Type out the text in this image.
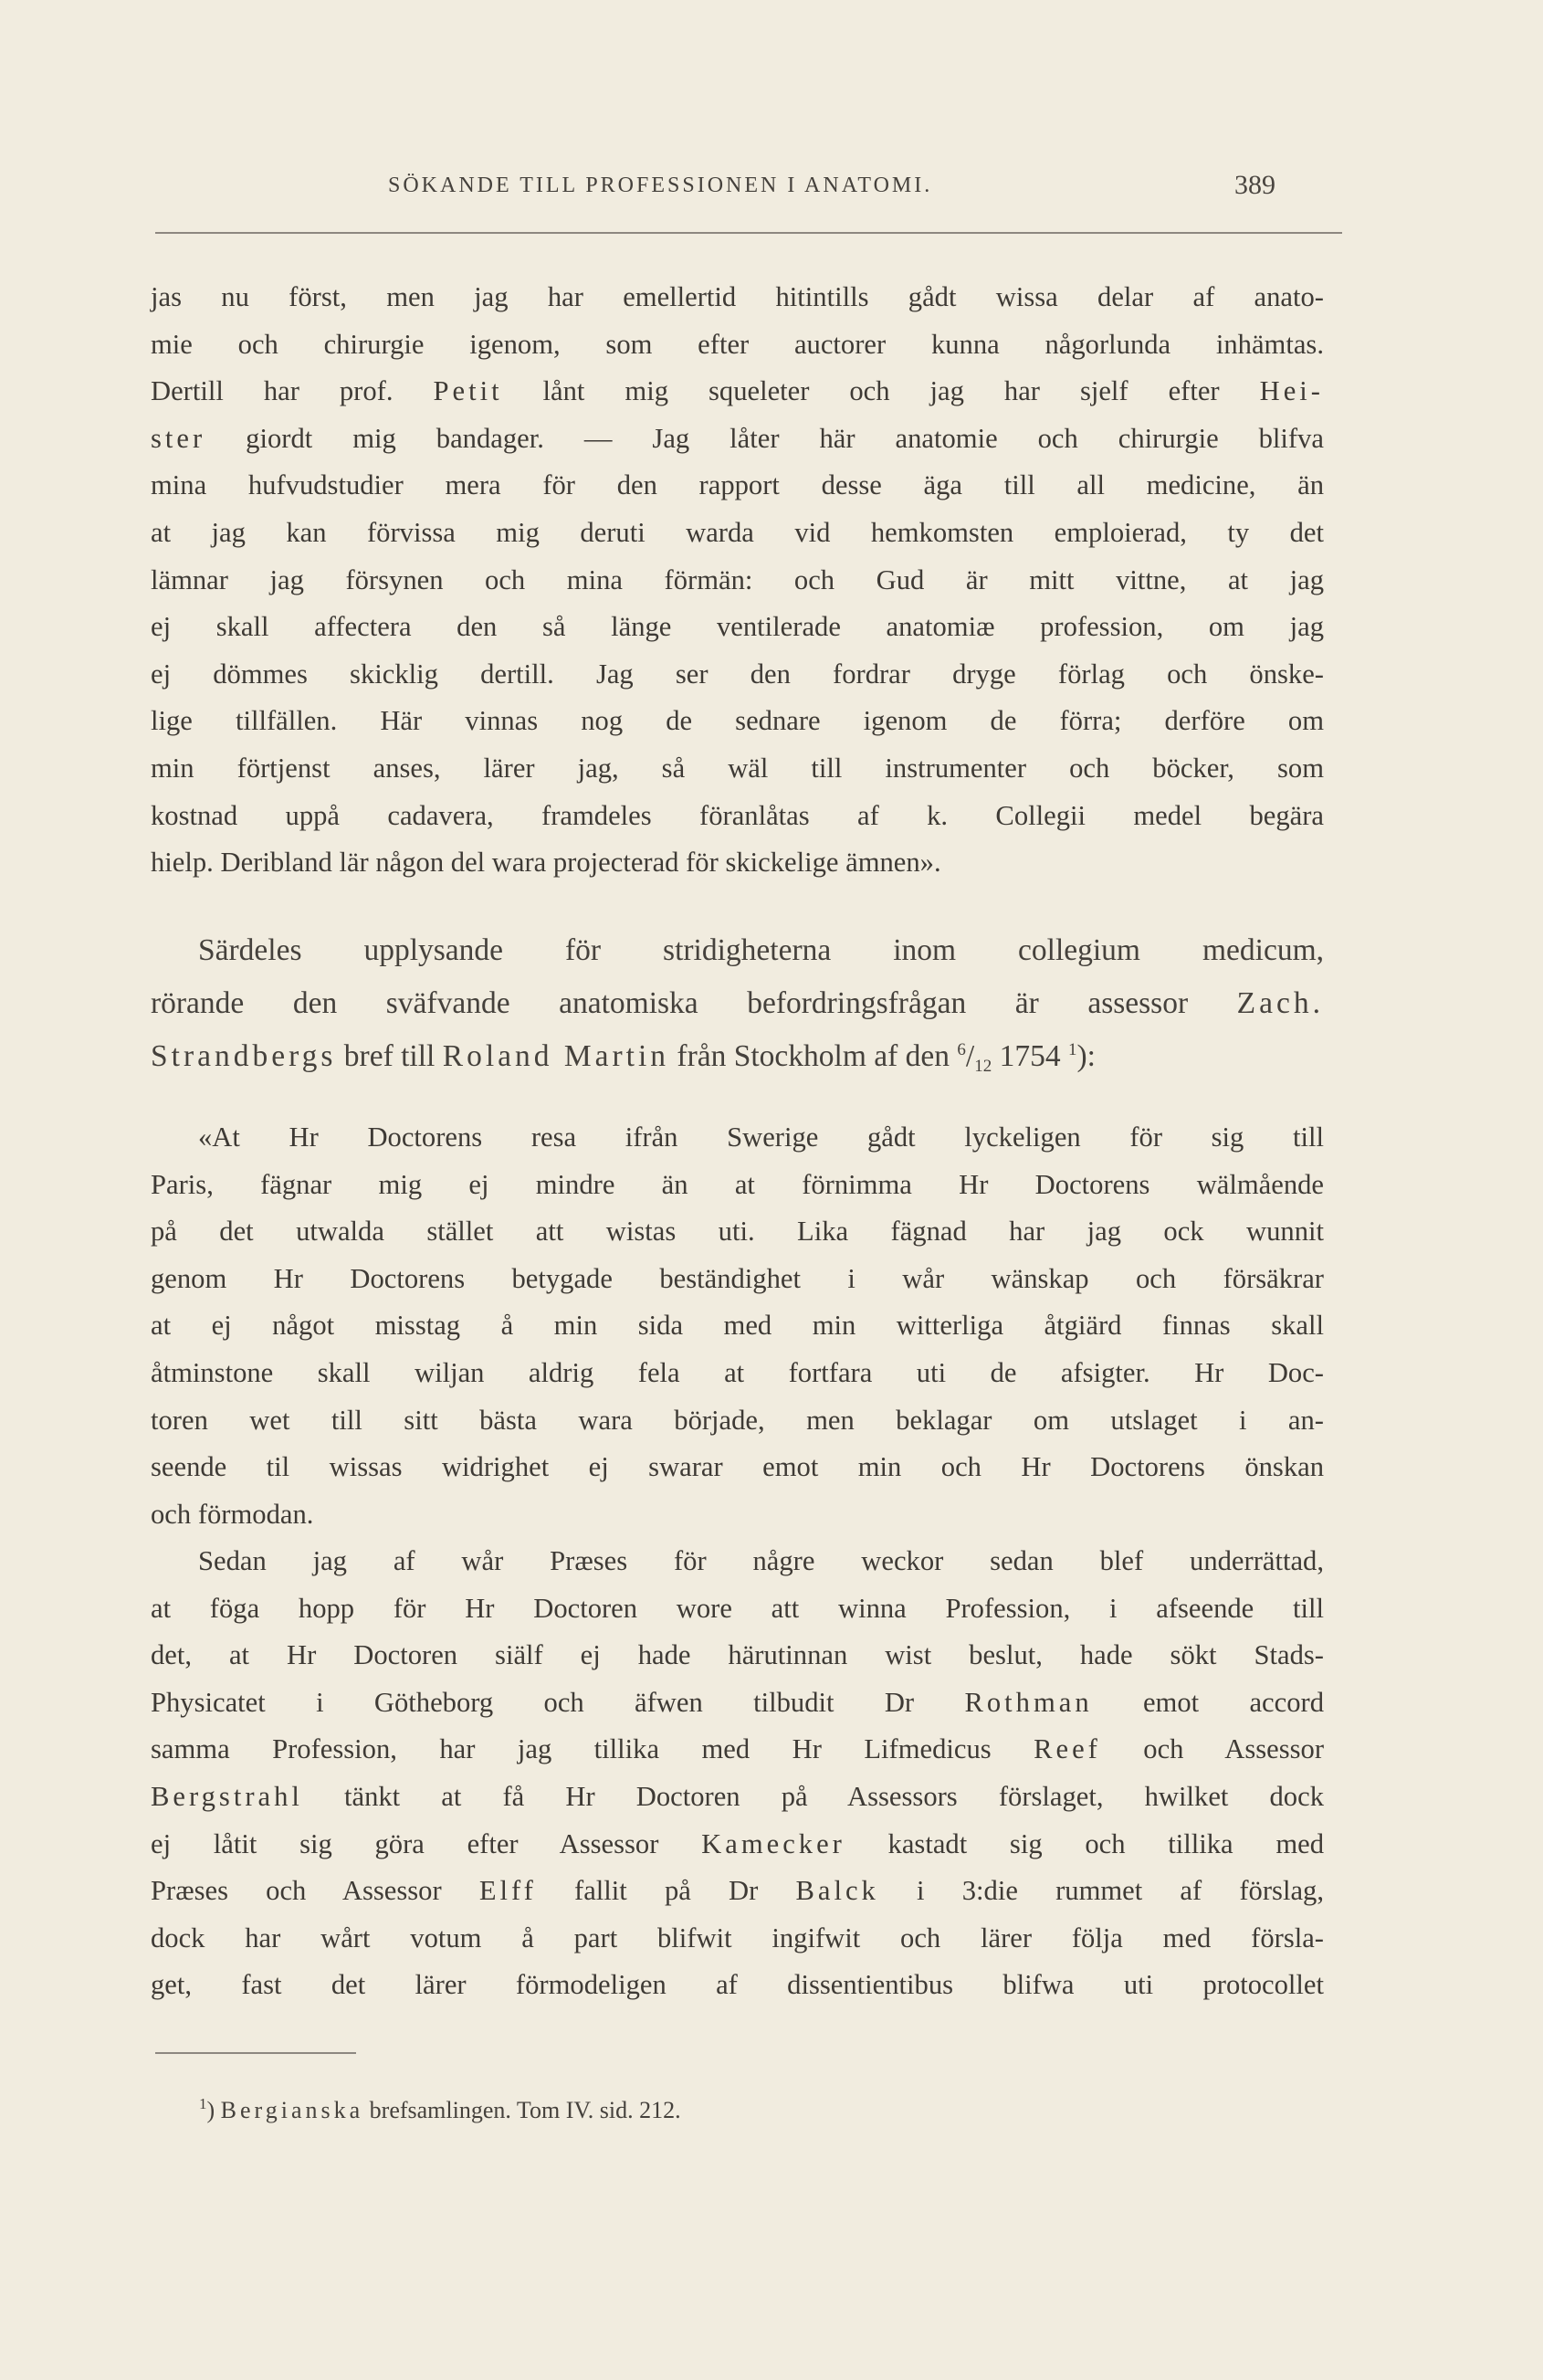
SÖKANDE TILL PROFESSIONEN I ANATOMI.	389
jas nu först, men jag har emellertid hitintills gådt wissa delar af anato-
mie och chirurgie igenom, som efter auctorer kunna någorlunda inhämtas.
Dertill har prof. Petit lånt mig squeleter och jag har sjelf efter Hei-
ster giordt mig bandager. — Jag låter här anatomie och chirurgie blifva
mina hufvudstudier mera för den rapport desse äga till all medicine, än
at jag kan förvissa mig deruti warda vid hemkomsten emploierad, ty det
lämnar jag försynen och mina förmän: och Gud är mitt vittne, at jag
ej skall affectera den så länge ventilerade anatomiæ profession, om jag
ej dömmes skicklig dertill. Jag ser den fordrar dryge förlag och önske-
lige tillfällen. Här vinnas nog de sednare igenom de förra; derföre om
min förtjenst anses, lärer jag, så wäl till instrumenter och böcker, som
kostnad uppå cadavera, framdeles föranlåtas af k. Collegii medel begära
hielp. Deribland lär någon del wara projecterad för skickelige ämnen».
Särdeles upplysande för stridigheterna inom collegium medicum,
rörande den sväfvande anatomiska befordringsfrågan är assessor Zach.
Strandbergs bref till Roland Martin från Stockholm af den $^6/_{12}$ 1754 $^1$):
«At Hr Doctorens resa ifrån Swerige gådt lyckeligen för sig till
Paris, fägnar mig ej mindre än at förnimma Hr Doctorens wälmående
på det utwalda stället att wistas uti. Lika fägnad har jag ock wunnit
genom Hr Doctorens betygade beständighet i wår wänskap och försäkrar
at ej något misstag å min sida med min witterliga åtgiärd finnas skall
åtminstone skall wiljan aldrig fela at fortfara uti de afsigter. Hr Doc-
toren wet till sitt bästa wara började, men beklagar om utslaget i an-
seende til wissas widrighet ej swarar emot min och Hr Doctorens önskan
och förmodan.
Sedan jag af wår Præses för någre weckor sedan blef underrättad,
at föga hopp för Hr Doctoren wore att winna Profession, i afseende till
det, at Hr Doctoren siälf ej hade härutinnan wist beslut, hade sökt Stads-
Physicatet i Götheborg och äfwen tilbudit Dr Rothman emot accord
samma Profession, har jag tillika med Hr Lifmedicus Reef och Assessor
Bergstrahl tänkt at få Hr Doctoren på Assessors förslaget, hwilket dock
ej låtit sig göra efter Assessor Kamecker kastadt sig och tillika med
Præses och Assessor Elff fallit på Dr Balck i 3:die rummet af förslag,
dock har wårt votum å part blifwit ingifwit och lärer följa med försla-
get, fast det lärer förmodeligen af dissentientibus blifwa uti protocollet
$^1$) Bergianska brefsamlingen. Tom IV. sid. 212.
